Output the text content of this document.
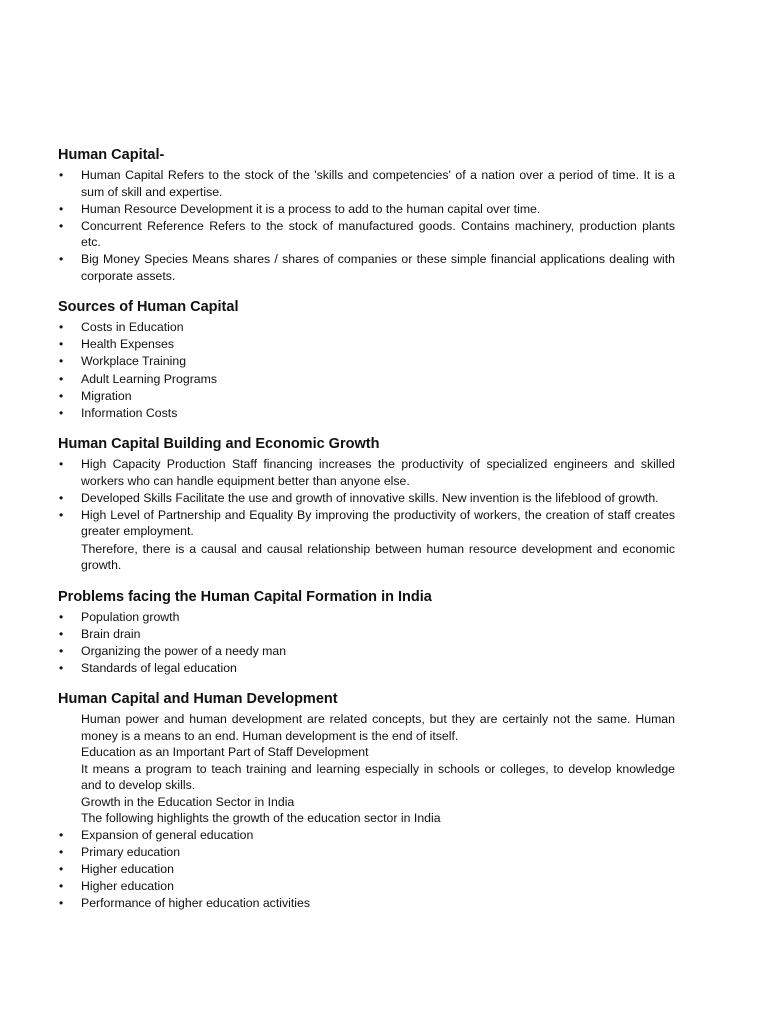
Human Capital-
• Human Capital Refers to the stock of the 'skills and competencies' of a nation over a period of time. It is a sum of skill and expertise.
• Human Resource Development it is a process to add to the human capital over time.
• Concurrent Reference Refers to the stock of manufactured goods. Contains machinery, production plants etc.
• Big Money Species Means shares / shares of companies or these simple financial applications dealing with corporate assets.
Sources of Human Capital
• Costs in Education
• Health Expenses
• Workplace Training
• Adult Learning Programs
• Migration
• Information Costs
Human Capital Building and Economic Growth
• High Capacity Production Staff financing increases the productivity of specialized engineers and skilled workers who can handle equipment better than anyone else.
• Developed Skills Facilitate the use and growth of innovative skills. New invention is the lifeblood of growth.
• High Level of Partnership and Equality By improving the productivity of workers, the creation of staff creates greater employment.

Therefore, there is a causal and causal relationship between human resource development and economic growth.

Problems facing the Human Capital Formation in India
• Population growth
• Brain drain
• Organizing the power of a needy man
• Standards of legal education
Human Capital and Human Development

Human power and human development are related concepts, but they are certainly not the same. Human money is a means to an end. Human development is the end of itself.

Education as an Important Part of Staff Development

It means a program to teach training and learning especially in schools or colleges, to develop knowledge and to develop skills.

Growth in the Education Sector in India

The following highlights the growth of the education sector in India

• Expansion of general education
• Primary education
• Higher education
• Higher education
• Performance of higher education activities
